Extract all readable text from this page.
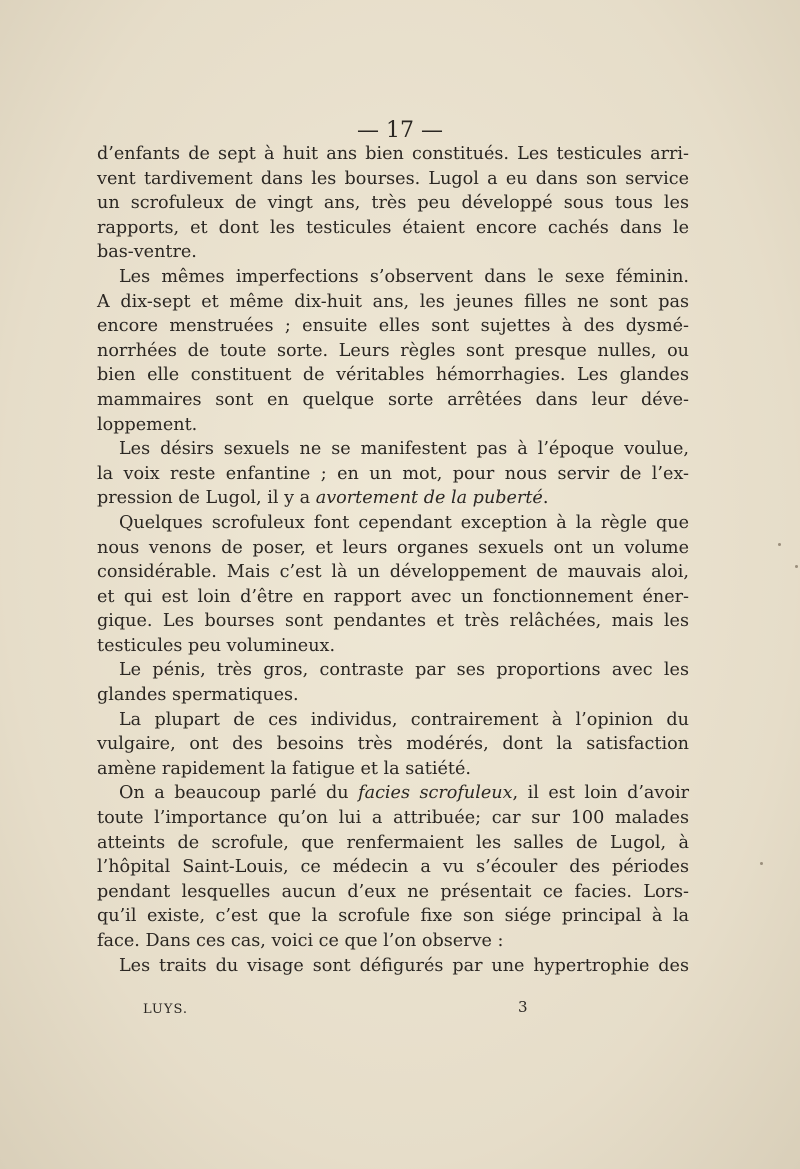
— 17 —
d’enfants de sept à huit ans bien constitués. Les testicules arri-
vent tardivement dans les bourses. Lugol a eu dans son service
un scrofuleux de vingt ans, très peu développé sous tous les
rapports, et dont les testicules étaient encore cachés dans le
bas-ventre.
Les mêmes imperfections s’observent dans le sexe féminin.
A dix-sept et même dix-huit ans, les jeunes filles ne sont pas
encore menstruées ; ensuite elles sont sujettes à des dysmé-
norrhées de toute sorte. Leurs règles sont presque nulles, ou
bien elle constituent de véritables hémorrhagies. Les glandes
mammaires sont en quelque sorte arrêtées dans leur déve-
loppement.
Les désirs sexuels ne se manifestent pas à l’époque voulue,
la voix reste enfantine ; en un mot, pour nous servir de l’ex-
pression de Lugol, il y a avortement de la puberté.
Quelques scrofuleux font cependant exception à la règle que
nous venons de poser, et leurs organes sexuels ont un volume
considérable. Mais c’est là un développement de mauvais aloi,
et qui est loin d’être en rapport avec un fonctionnement éner-
gique. Les bourses sont pendantes et très relâchées, mais les
testicules peu volumineux.
Le pénis, très gros, contraste par ses proportions avec les
glandes spermatiques.
La plupart de ces individus, contrairement à l’opinion du
vulgaire, ont des besoins très modérés, dont la satisfaction
amène rapidement la fatigue et la satiété.
On a beaucoup parlé du facies scrofuleux, il est loin d’avoir
toute l’importance qu’on lui a attribuée; car sur 100 malades
atteints de scrofule, que renfermaient les salles de Lugol, à
l’hôpital Saint-Louis, ce médecin a vu s’écouler des périodes
pendant lesquelles aucun d’eux ne présentait ce facies. Lors-
qu’il existe, c’est que la scrofule fixe son siége principal à la
face. Dans ces cas, voici ce que l’on observe :
Les traits du visage sont défigurés par une hypertrophie des
LUYS.	3
